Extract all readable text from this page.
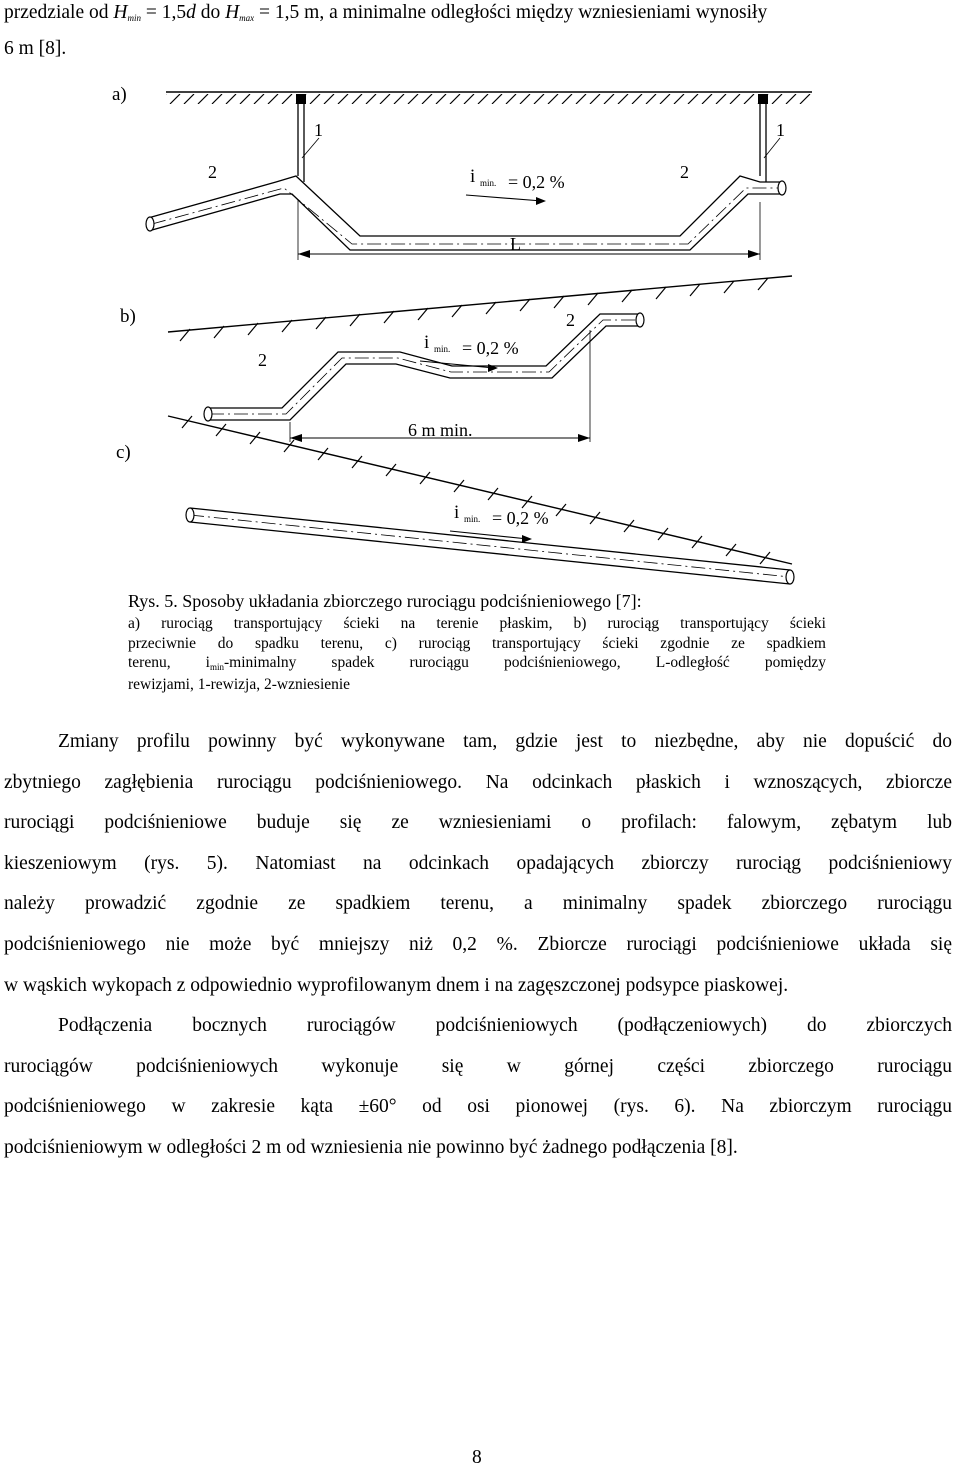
przedziale od Hmin = 1,5d do Hmax = 1,5 m, a minimalne odległości między wzniesieniami wynosiły
6 m [8].
a)
1	1
2	2
i min. = 0,2 %
L
b)
2
2
i min. = 0,2 %
6 m min.
c)
i min. = 0,2 %
Rys. 5. Sposoby układania zbiorczego rurociągu podciśnieniowego [7]:
a) rurociąg transportujący ścieki na terenie płaskim, b) rurociąg transportujący ścieki
przeciwnie do spadku terenu, c) rurociąg transportujący ścieki zgodnie ze spadkiem
terenu, imin-minimalny spadek rurociągu podciśnieniowego, L-odległość pomiędzy
rewizjami, 1-rewizja, 2-wzniesienie

Zmiany profilu powinny być wykonywane tam, gdzie jest to niezbędne, aby nie dopuścić do
zbytniego zagłębienia rurociągu podciśnieniowego. Na odcinkach płaskich i wznoszących, zbiorcze
rurociągi podciśnieniowe buduje się ze wzniesieniami o profilach: falowym, zębatym lub
kieszeniowym (rys. 5). Natomiast na odcinkach opadających zbiorczy rurociąg podciśnieniowy
należy prowadzić zgodnie ze spadkiem terenu, a minimalny spadek zbiorczego rurociągu
podciśnieniowego nie może być mniejszy niż 0,2 %. Zbiorcze rurociągi podciśnieniowe układa się
w wąskich wykopach z odpowiednio wyprofilowanym dnem i na zagęszczonej podsypce piaskowej.

Podłączenia bocznych rurociągów podciśnieniowych (podłączeniowych) do zbiorczych
rurociągów podciśnieniowych wykonuje się w górnej części zbiorczego rurociągu
podciśnieniowego w zakresie kąta ±60° od osi pionowej (rys. 6). Na zbiorczym rurociągu
podciśnieniowym w odległości 2 m od wzniesienia nie powinno być żadnego podłączenia [8].

8
